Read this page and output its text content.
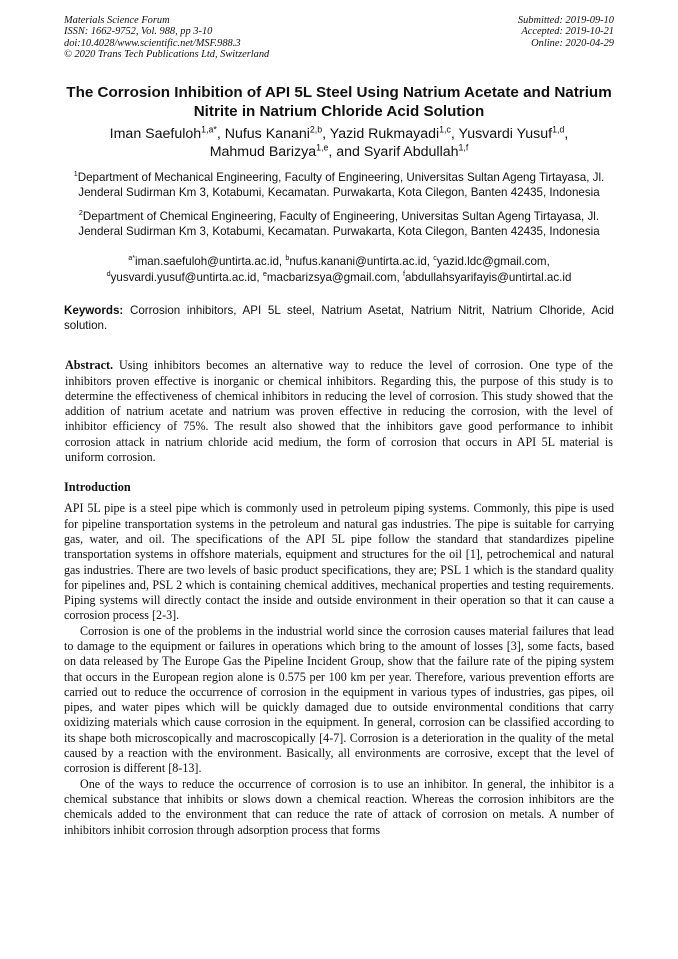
Materials Science Forum
ISSN: 1662-9752, Vol. 988, pp 3-10
doi:10.4028/www.scientific.net/MSF.988.3
© 2020 Trans Tech Publications Ltd, Switzerland
Submitted: 2019-09-10
Accepted: 2019-10-21
Online: 2020-04-29
The Corrosion Inhibition of API 5L Steel Using Natrium Acetate and Natrium Nitrite in Natrium Chloride Acid Solution
Iman Saefuloh$^{1,a*}$, Nufus Kanani$^{2,b}$, Yazid Rukmayadi$^{1,c}$, Yusvardi Yusuf$^{1,d}$,
Mahmud Barizya$^{1,e}$, and Syarif Abdullah$^{1,f}$
$^1$Department of Mechanical Engineering, Faculty of Engineering, Universitas Sultan Ageng Tirtayasa, Jl. Jenderal Sudirman Km 3, Kotabumi, Kecamatan. Purwakarta, Kota Cilegon, Banten 42435, Indonesia
$^2$Department of Chemical Engineering, Faculty of Engineering, Universitas Sultan Ageng Tirtayasa, Jl. Jenderal Sudirman Km 3, Kotabumi, Kecamatan. Purwakarta, Kota Cilegon, Banten 42435, Indonesia
$^{a*}$iman.saefuloh@untirta.ac.id, $^b$nufus.kanani@untirta.ac.id, $^c$yazid.ldc@gmail.com,
$^d$yusvardi.yusuf@untirta.ac.id, $^e$macbarizsya@gmail.com, $^f$abdullahsyarifayis@untirtal.ac.id
Keywords: Corrosion inhibitors, API 5L steel, Natrium Asetat, Natrium Nitrit, Natrium Clhoride, Acid solution.
Abstract. Using inhibitors becomes an alternative way to reduce the level of corrosion. One type of the inhibitors proven effective is inorganic or chemical inhibitors. Regarding this, the purpose of this study is to determine the effectiveness of chemical inhibitors in reducing the level of corrosion. This study showed that the addition of natrium acetate and natrium was proven effective in reducing the corrosion, with the level of inhibitor efficiency of 75%. The result also showed that the inhibitors gave good performance to inhibit corrosion attack in natrium chloride acid medium, the form of corrosion that occurs in API 5L material is uniform corrosion.
Introduction

API 5L pipe is a steel pipe which is commonly used in petroleum piping systems. Commonly, this pipe is used for pipeline transportation systems in the petroleum and natural gas industries. The pipe is suitable for carrying gas, water, and oil. The specifications of the API 5L pipe follow the standard that standardizes pipeline transportation systems in offshore materials, equipment and structures for the oil [1], petrochemical and natural gas industries. There are two levels of basic product specifications, they are; PSL 1 which is the standard quality for pipelines and, PSL 2 which is containing chemical additives, mechanical properties and testing requirements. Piping systems will directly contact the inside and outside environment in their operation so that it can cause a corrosion process [2-3].

Corrosion is one of the problems in the industrial world since the corrosion causes material failures that lead to damage to the equipment or failures in operations which bring to the amount of losses [3], some facts, based on data released by The Europe Gas the Pipeline Incident Group, show that the failure rate of the piping system that occurs in the European region alone is 0.575 per 100 km per year. Therefore, various prevention efforts are carried out to reduce the occurrence of corrosion in the equipment in various types of industries, gas pipes, oil pipes, and water pipes which will be quickly damaged due to outside environmental conditions that carry oxidizing materials which cause corrosion in the equipment. In general, corrosion can be classified according to its shape both microscopically and macroscopically [4-7]. Corrosion is a deterioration in the quality of the metal caused by a reaction with the environment. Basically, all environments are corrosive, except that the level of corrosion is different [8-13].

One of the ways to reduce the occurrence of corrosion is to use an inhibitor. In general, the inhibitor is a chemical substance that inhibits or slows down a chemical reaction. Whereas the corrosion inhibitors are the chemicals added to the environment that can reduce the rate of attack of corrosion on metals. A number of inhibitors inhibit corrosion through adsorption process that forms
